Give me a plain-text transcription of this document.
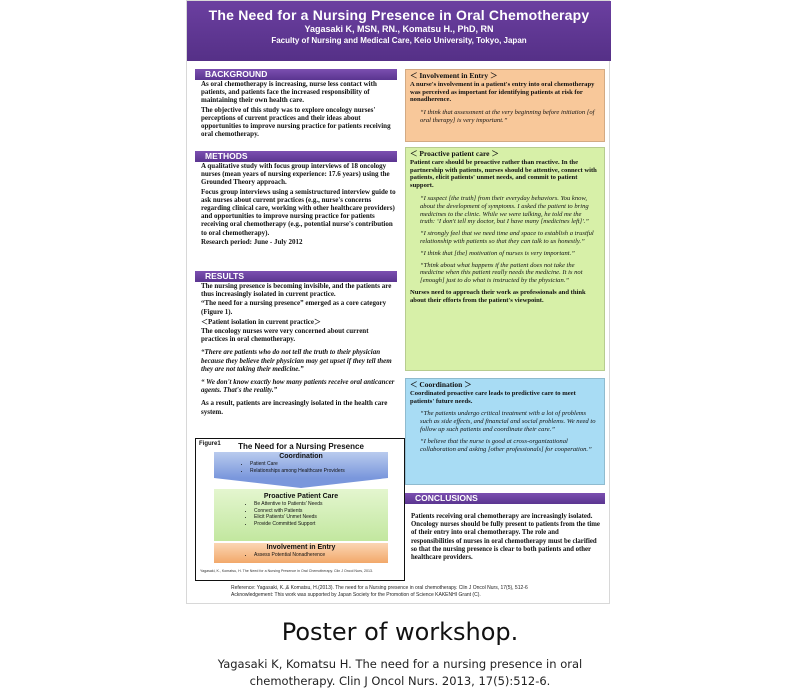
The Need for a Nursing Presence in Oral Chemotherapy
Yagasaki K, MSN, RN., Komatsu H., PhD, RN
Faculty of Nursing and Medical Care, Keio University, Tokyo, Japan
BACKGROUND

As oral chemotherapy is increasing, nurse less contact with patients, and patients face the increased responsibility of maintaining their own health care.

The objective of this study was to explore oncology nurses' perceptions of current practices and their ideas about opportunities to improve nursing practice for patients receiving oral chemotherapy.

METHODS

A qualitative study with focus group interviews of 18 oncology nurses (mean years of nursing experience: 17.6 years) using the Grounded Theory approach.

Focus group interviews using a semistructured interview guide to ask nurses about current practices (e.g., nurse's concerns regarding clinical care, working with other healthcare providers) and opportunities to improve nursing practice for patients receiving oral chemotherapy (e.g., potential nurse's contribution to oral chemotherapy).

Research period: June - July 2012

RESULTS

The nursing presence is becoming invisible, and the patients are thus increasingly isolated in current practice.

“The need for a nursing presence” emerged as a core category (Figure 1).

＜Patient isolation in current practice＞

The oncology nurses were very concerned about current practices in oral chemotherapy.

“There are patients who do not tell the truth to their physician because they believe their physician may get upset if they tell them they are not taking their medicine.”

“ We don't know exactly how many patients receive oral anticancer agents. That's the reality.”

As a result, patients are increasingly isolated in the health care system.

Figure1	The Need for a Nursing Presence
Coordination
• Patient Care
• Relationships among Healthcare Providers
Proactive Patient Care
• Be Attentive to Patients' Needs
• Connect with Patients
• Elicit Patients' Unmet Needs
• Provide Committed Support
Involvement in Entry
• Assess Potential Nonadherence
Yagasaki, K., Komatsu, H. The Need for a Nursing Presence in Oral Chemotherapy. Clin J Oncol Nurs, 2013.
＜ Involvement in Entry ＞

A nurse's involvement in a patient's entry into oral chemotherapy was perceived as important for identifying patients at risk for nonadherence.

“I think that assessment at the very beginning before initiation [of oral therapy] is very important.”

＜ Proactive patient care ＞

Patient care should be proactive rather than reactive. In the partnership with patients, nurses should be attentive, connect with patients, elicit patients' unmet needs, and commit to patient support.

“I suspect [the truth] from their everyday behaviors. You know, about the development of symptoms. I asked the patient to bring medicines to the clinic. While we were talking, he told me the truth: ‘I don't tell my doctor, but I have many [medicines left]'.”

“I strongly feel that we need time and space to establish a trustful relationship with patients so that they can talk to us honestly.”

“I think that [the] motivation of nurses is very important.”

“Think about what happens if the patient does not take the medicine when this patient really needs the medicine. It is not [enough] just to do what is instructed by the physician.”

Nurses need to approach their work as professionals and think about their efforts from the patient's viewpoint.

＜ Coordination ＞

Coordinated proactive care leads to predictive care to meet patients' future needs.

“The patients undergo critical treatment with a lot of problems such as side effects, and financial and social problems. We need to follow up such patients and coordinate their care.”

“I believe that the nurse is good at cross-organizational collaboration and asking [other professionals] for cooperation.”

CONCLUSIONS
Patients receiving oral chemotherapy are increasingly isolated. Oncology nurses should be fully present to patients from the time of their entry into oral chemotherapy. The role and responsibilities of nurses in oral chemotherapy must be clarified so that the nursing presence is clear to both patients and other healthcare providers.
Reference: Yagasaki, K.,& Komatsu, H.(2013). The need for a Nursing presence in oral chemotherapy. Clin J Oncol Nurs, 17(5), 512-6
Acknowledgement: This work was supported by Japan Society for the Promotion of Science KAKENHI Grant (C).
Poster of workshop.
Yagasaki K, Komatsu H. The need for a nursing presence in oral
chemotherapy. Clin J Oncol Nurs. 2013, 17(5):512-6.
